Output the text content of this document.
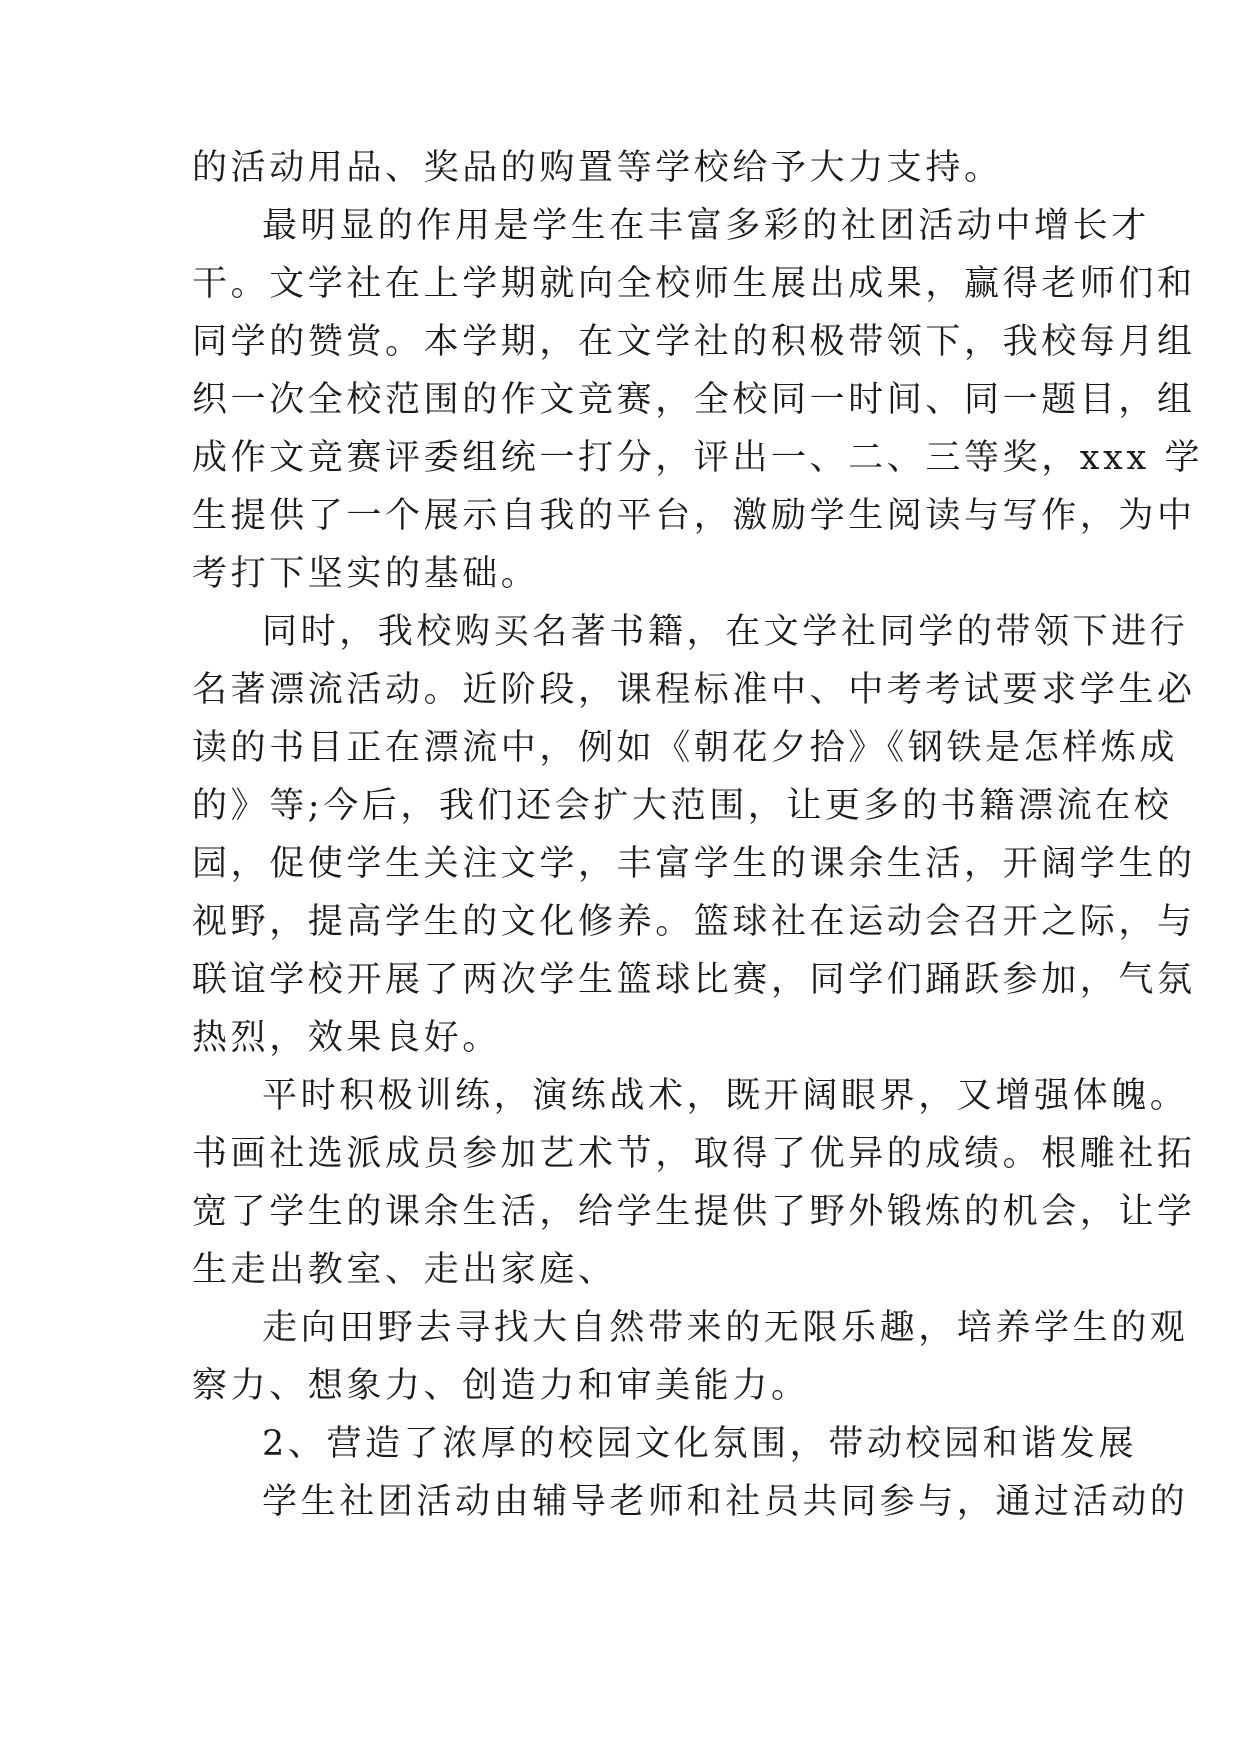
的活动用品、奖品的购置等学校给予大力支持。
最明显的作用是学生在丰富多彩的社团活动中增长才
干。文学社在上学期就向全校师生展出成果，赢得老师们和
同学的赞赏。本学期，在文学社的积极带领下，我校每月组
织一次全校范围的作文竞赛，全校同一时间、同一题目，组
成作文竞赛评委组统一打分，评出一、二、三等奖，xxx 学
生提供了一个展示自我的平台，激励学生阅读与写作，为中
考打下坚实的基础。
同时，我校购买名著书籍，在文学社同学的带领下进行
名著漂流活动。近阶段，课程标准中、中考考试要求学生必
读的书目正在漂流中，例如《朝花夕拾》《钢铁是怎样炼成
的》等;今后，我们还会扩大范围，让更多的书籍漂流在校
园，促使学生关注文学，丰富学生的课余生活，开阔学生的
视野，提高学生的文化修养。篮球社在运动会召开之际，与
联谊学校开展了两次学生篮球比赛，同学们踊跃参加，气氛
热烈，效果良好。
平时积极训练，演练战术，既开阔眼界，又增强体魄。
书画社选派成员参加艺术节，取得了优异的成绩。根雕社拓
宽了学生的课余生活，给学生提供了野外锻炼的机会，让学
生走出教室、走出家庭、
走向田野去寻找大自然带来的无限乐趣，培养学生的观
察力、想象力、创造力和审美能力。
2、营造了浓厚的校园文化氛围，带动校园和谐发展
学生社团活动由辅导老师和社员共同参与，通过活动的
